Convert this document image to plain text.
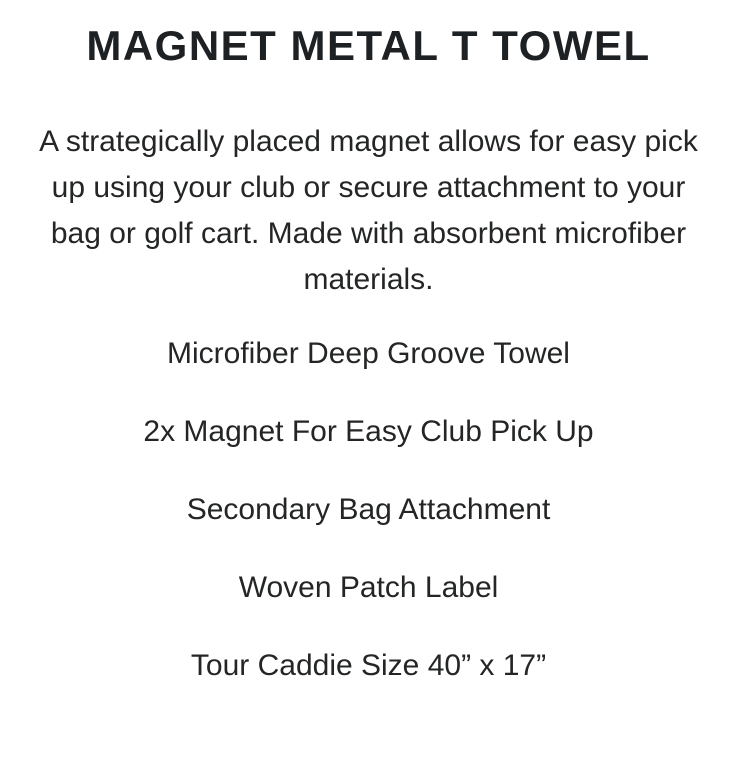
MAGNET METAL T TOWEL
A strategically placed magnet allows for easy pick
up using your club or secure attachment to your
bag or golf cart. Made with absorbent microfiber
materials.
Microfiber Deep Groove Towel
2x Magnet For Easy Club Pick Up
Secondary Bag Attachment
Woven Patch Label
Tour Caddie Size 40” x 17”
